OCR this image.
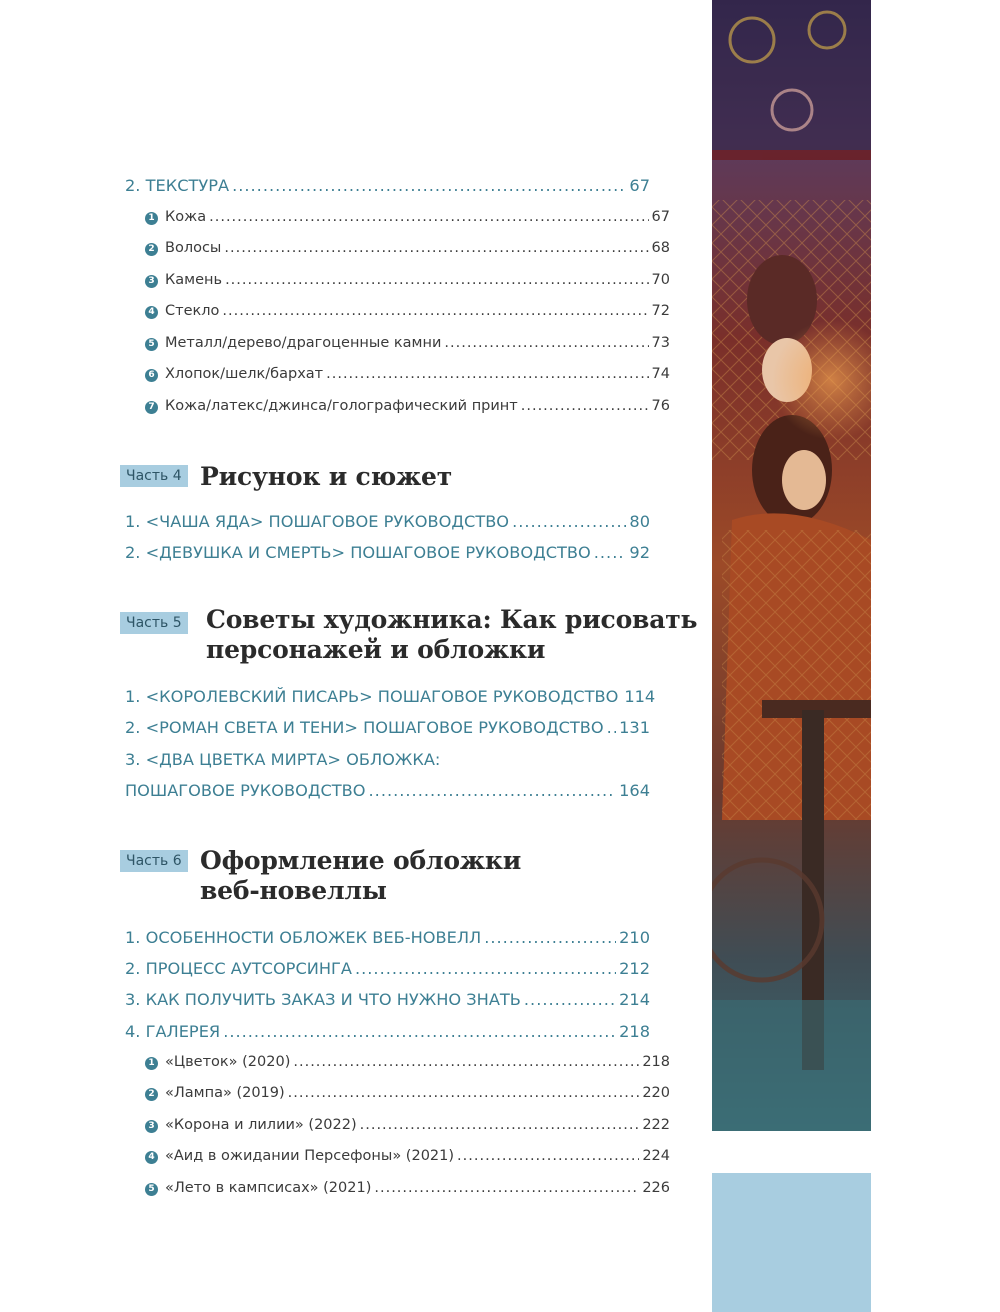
2. ТЕКСТУРА .....	67
1 Кожа .....	67
2 Волосы .....	68
3 Камень .....	70
4 Стекло .....	72
5 Металл/дерево/драгоценные камни .....	73
6 Хлопок/шелк/бархат .....	74
7 Кожа/латекс/джинса/голографический принт .....	76
Часть 4 Рисунок и сюжет
1. <ЧАША ЯДА> ПОШАГОВОЕ РУКОВОДСТВО .....	80
2. <ДЕВУШКА И СМЕРТЬ> ПОШАГОВОЕ РУКОВОДСТВО ..... 92
Часть 5 Советы художника: Как рисовать
персонажей и обложки
1. <КОРОЛЕВСКИЙ ПИСАРЬ> ПОШАГОВОЕ РУКОВОДСТВО 114
2. <РОМАН СВЕТА И ТЕНИ> ПОШАГОВОЕ РУКОВОДСТВО ..... 131
3. <ДВА ЦВЕТКА МИРТА> ОБЛОЖКА:
ПОШАГОВОЕ РУКОВОДСТВО .....	164
Часть 6 Оформление обложки
веб-новеллы
1. ОСОБЕННОСТИ ОБЛОЖЕК ВЕБ-НОВЕЛЛ .....	210
2. ПРОЦЕСС АУТСОРСИНГА .....	212
3. КАК ПОЛУЧИТЬ ЗАКАЗ И ЧТО НУЖНО ЗНАТЬ .....	214
4. ГАЛЕРЕЯ .....	218
1 «Цветок» (2020) .....	218
2 «Лампа» (2019) .....	220
3 «Корона и лилии» (2022) .....	222
4 «Аид в ожидании Персефоны» (2021) .....	224
5 «Лето в кампсисах» (2021) .....	226
